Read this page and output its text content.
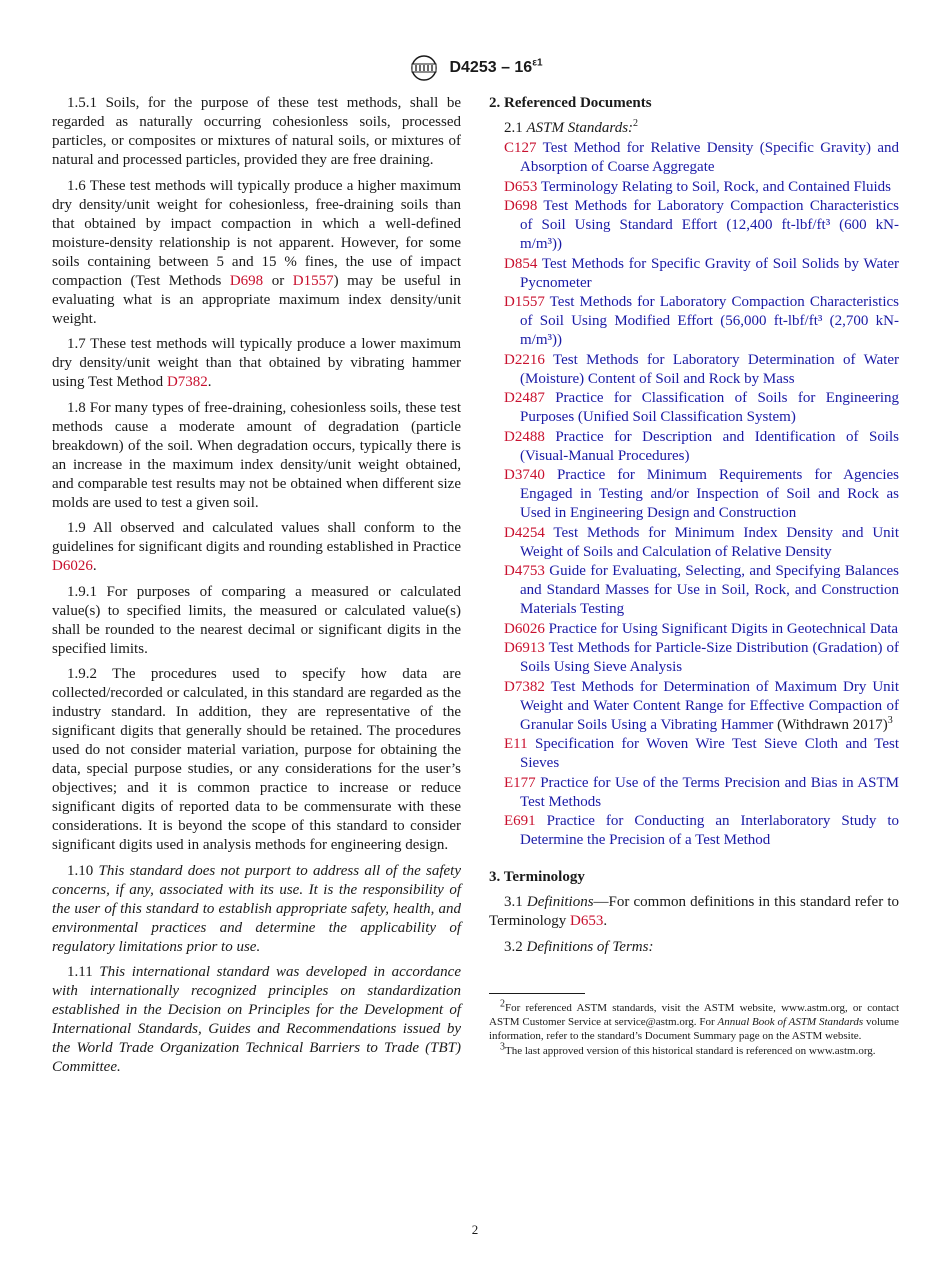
$D4253 - 16^{\varepsilon 1}$

1.5.1 Soils, for the purpose of these test methods, shall be regarded as naturally occurring cohesionless soils, processed particles, or composites or mixtures of natural soils, or mixtures of natural and processed particles, provided they are free draining.

1.6 These test methods will typically produce a higher maximum dry density/unit weight for cohesionless, free-draining soils than that obtained by impact compaction in which a well-defined moisture-density relationship is not apparent. However, for some soils containing between 5 and 15 % fines, the use of impact compaction (Test Methods D698 or D1557) may be useful in evaluating what is an appropriate maximum index density/unit weight.

1.7 These test methods will typically produce a lower maximum dry density/unit weight than that obtained by vibrating hammer using Test Method D7382.

1.8 For many types of free-draining, cohesionless soils, these test methods cause a moderate amount of degradation (particle breakdown) of the soil. When degradation occurs, typically there is an increase in the maximum index density/unit weight obtained, and comparable test results may not be obtained when different size molds are used to test a given soil.

1.9 All observed and calculated values shall conform to the guidelines for significant digits and rounding established in Practice D6026.

1.9.1 For purposes of comparing a measured or calculated value(s) to specified limits, the measured or calculated value(s) shall be rounded to the nearest decimal or significant digits in the specified limits.

1.9.2 The procedures used to specify how data are collected/recorded or calculated, in this standard are regarded as the industry standard. In addition, they are representative of the significant digits that generally should be retained. The procedures used do not consider material variation, purpose for obtaining the data, special purpose studies, or any considerations for the user’s objectives; and it is common practice to increase or reduce significant digits of reported data to be commensurate with these considerations. It is beyond the scope of this standard to consider significant digits used in analysis methods for engineering design.

1.10 This standard does not purport to address all of the safety concerns, if any, associated with its use. It is the responsibility of the user of this standard to establish appropriate safety, health, and environmental practices and determine the applicability of regulatory limitations prior to use.

1.11 This international standard was developed in accordance with internationally recognized principles on standardization established in the Decision on Principles for the Development of International Standards, Guides and Recommendations issued by the World Trade Organization Technical Barriers to Trade (TBT) Committee.

2. Referenced Documents

2.1 ASTM Standards:$^2$

C127 Test Method for Relative Density (Specific Gravity) and Absorption of Coarse Aggregate

D653 Terminology Relating to Soil, Rock, and Contained Fluids

D698 Test Methods for Laboratory Compaction Characteristics of Soil Using Standard Effort (12,400 ft-lbf/ft³ (600 kN-m/m³))

D854 Test Methods for Specific Gravity of Soil Solids by Water Pycnometer

D1557 Test Methods for Laboratory Compaction Characteristics of Soil Using Modified Effort (56,000 ft-lbf/ft³ (2,700 kN-m/m³))

D2216 Test Methods for Laboratory Determination of Water (Moisture) Content of Soil and Rock by Mass

D2487 Practice for Classification of Soils for Engineering Purposes (Unified Soil Classification System)

D2488 Practice for Description and Identification of Soils (Visual-Manual Procedures)

D3740 Practice for Minimum Requirements for Agencies Engaged in Testing and/or Inspection of Soil and Rock as Used in Engineering Design and Construction

D4254 Test Methods for Minimum Index Density and Unit Weight of Soils and Calculation of Relative Density

D4753 Guide for Evaluating, Selecting, and Specifying Balances and Standard Masses for Use in Soil, Rock, and Construction Materials Testing

D6026 Practice for Using Significant Digits in Geotechnical Data

D6913 Test Methods for Particle-Size Distribution (Gradation) of Soils Using Sieve Analysis

D7382 Test Methods for Determination of Maximum Dry Unit Weight and Water Content Range for Effective Compaction of Granular Soils Using a Vibrating Hammer (Withdrawn 2017)$^3$

E11 Specification for Woven Wire Test Sieve Cloth and Test Sieves

E177 Practice for Use of the Terms Precision and Bias in ASTM Test Methods

E691 Practice for Conducting an Interlaboratory Study to Determine the Precision of a Test Method

3. Terminology

3.1 Definitions—For common definitions in this standard refer to Terminology D653.

3.2 Definitions of Terms:

$^2$For referenced ASTM standards, visit the ASTM website, www.astm.org, or contact ASTM Customer Service at service@astm.org. For Annual Book of ASTM Standards volume information, refer to the standard’s Document Summary page on the ASTM website.

$^3$The last approved version of this historical standard is referenced on www.astm.org.

2
